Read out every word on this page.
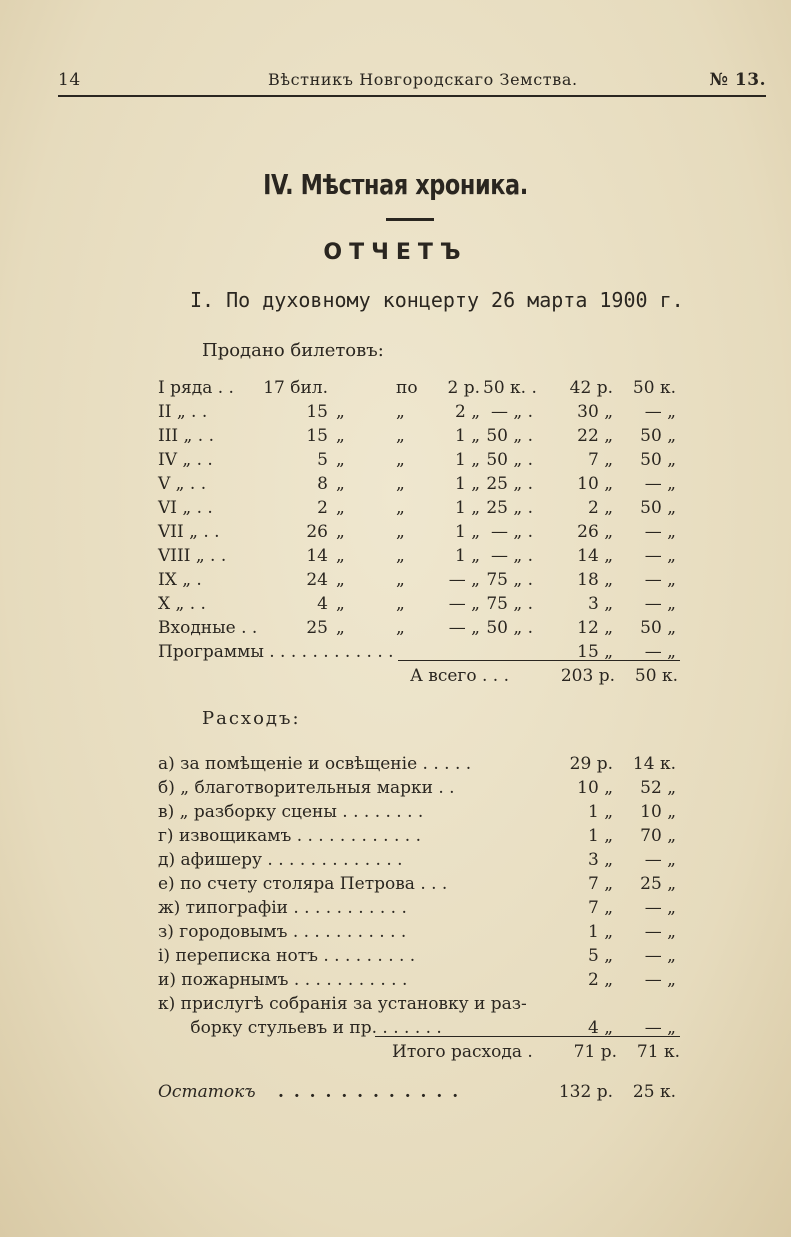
14	Вѣстникъ Новгородскаго Земства.	№ 13.
IV. Мѣстная хроника.
ОТЧЕТЪ
I. По духовному концерту 26 марта 1900 г.
Продано билетовъ:
I ряда . .	17 бил.	по	2 р. 50 к. .	42 р.	50 к.
II „ . .	15 „	„	2 „ — „ .	30 „	— „
III „ . .	15 „	„	1 „ 50 „ .	22 „	50 „
IV „ . .	5 „	„	1 „ 50 „ .	7 „	50 „
V „ . .	8 „	„	1 „ 25 „ .	10 „	— „
VI „ . .	2 „	„	1 „ 25 „ .	2 „	50 „
VII „ . .	26 „	„	1 „ — „ .	26 „	— „
VIII „ . .	14 „	„	1 „ — „ .	14 „	— „
IX „ .	24 „	„	— „ 75 „ .	18 „	— „
X „ . .	4 „	„	— „ 75 „ .	3 „	— „
Входные . .	25 „	„	— „ 50 „ .	12 „	50 „
Программы . . . . . . . . . . . .	15 „	— „
А всего . . .	203 р.	50 к.
Расходъ:
а) за помѣщеніе и освѣщеніе . . . . .	29 р.	14 к.
б) „ благотворительныя марки . .	10 „	52 „
в) „ разборку сцены . . . . . . . .	1 „	10 „
г) извощикамъ . . . . . . . . . . . .	1 „	70 „
д) афишеру . . . . . . . . . . . . .	3 „	— „
е) по счету столяра Петрова . . .	7 „	25 „
ж) типографіи . . . . . . . . . . .	7 „	— „
з) городовымъ . . . . . . . . . . .	1 „	— „
і) переписка нотъ . . . . . . . . .	5 „	— „
и) пожарнымъ . . . . . . . . . . .	2 „	— „
к) прислугѣ собранія за установку и раз-
борку стульевъ и пр. . . . . . .	4 „	— „
Итого расхода .	71 р.	71 к.
Остатокъ . . . . . . . . . . . .	132 р.	25 к.
